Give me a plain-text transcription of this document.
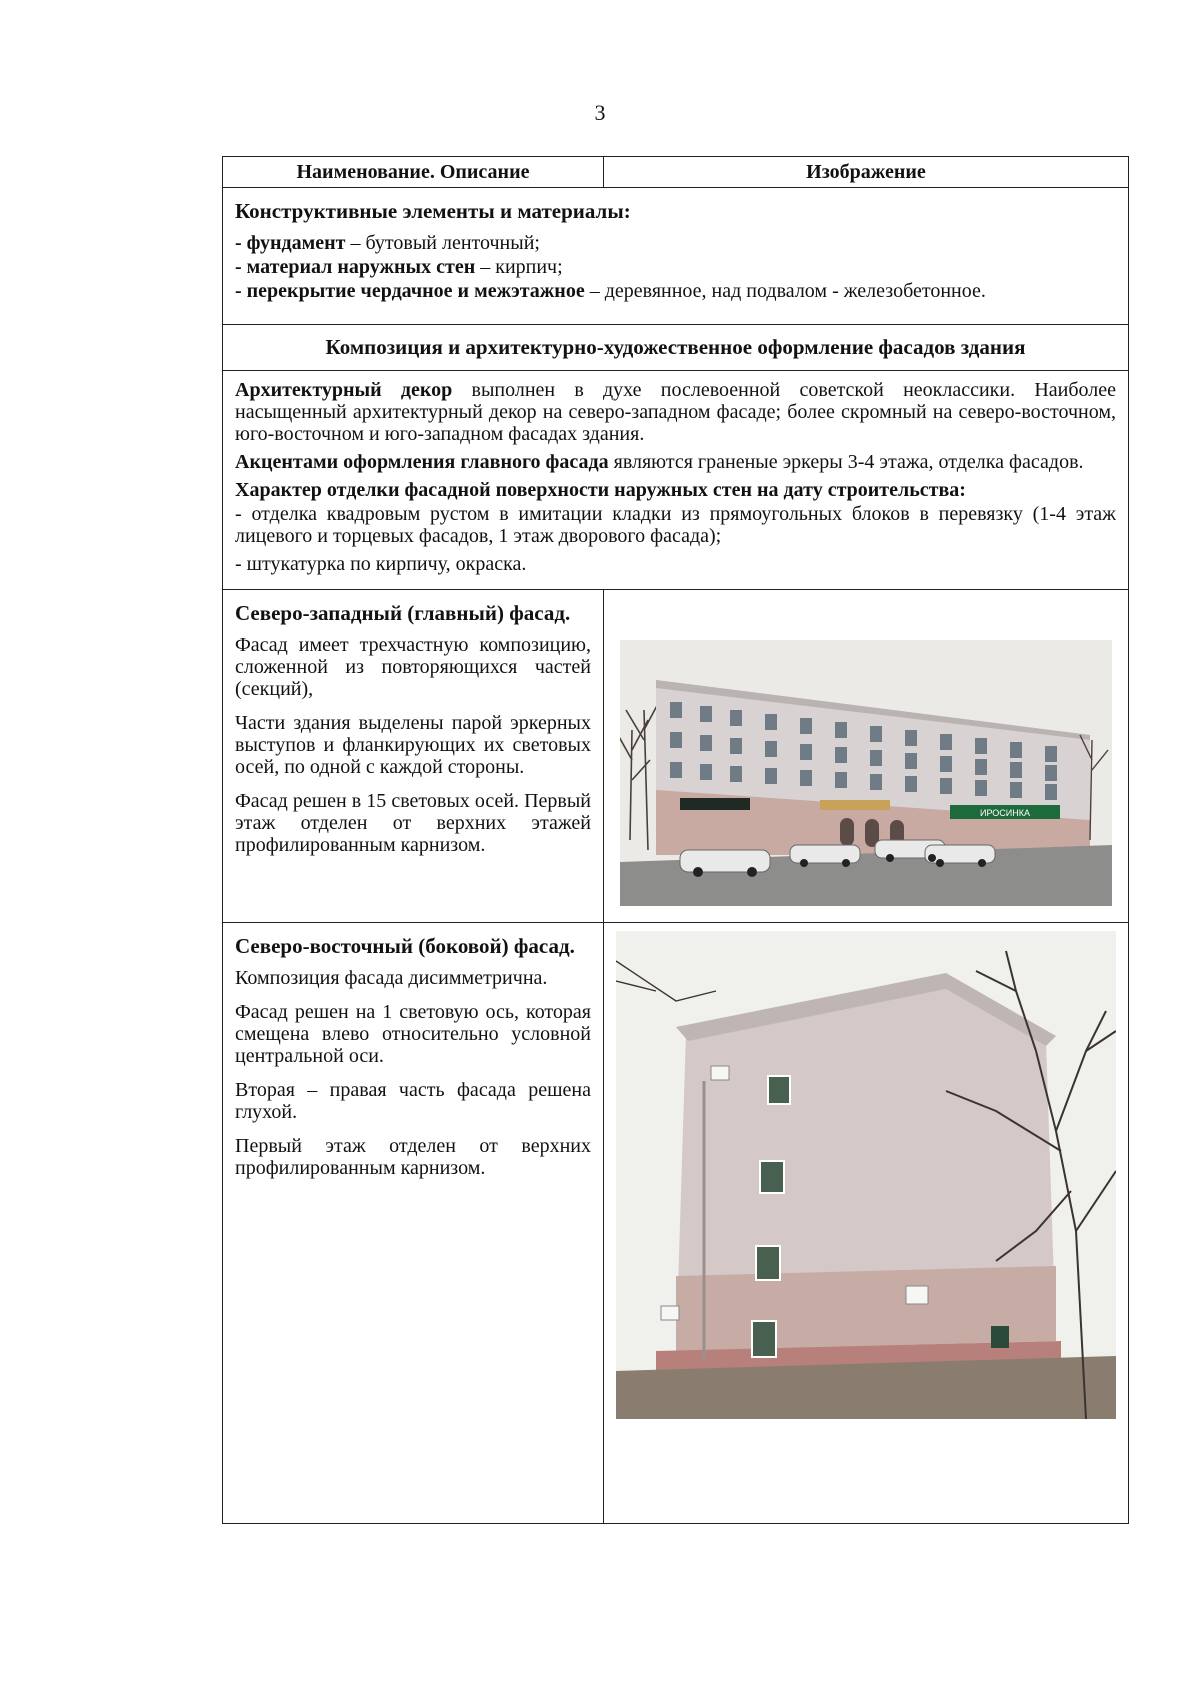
3
Наименование. Описание	Изображение

Конструктивные элементы и материалы:
- фундамент – бутовый ленточный;
- материал наружных стен – кирпич;
- перекрытие чердачное и межэтажное – деревянное, над подвалом - железобетонное.	

Композиция и архитектурно-художественное оформление фасадов здания	

Архитектурный декор выполнен в духе послевоенной советской неоклассики. Наиболее насыщенный архитектурный декор на северо-западном фасаде; более скромный на северо-восточном, юго-восточном и юго-западном фасадах здания.
Акцентами оформления главного фасада являются граненые эркеры 3-4 этажа, отделка фасадов.
Характер отделки фасадной поверхности наружных стен на дату строительства:
- отделка квадровым рустом в имитации кладки из прямоугольных блоков в перевязку (1-4 этаж лицевого и торцевых фасадов, 1 этаж дворового фасада);
- штукатурка по кирпичу, окраска.	

Северо-западный (главный) фасад.
Фасад имеет трехчастную композицию, сложенной из повторяющихся частей (секций),
Части здания выделены парой эркерных выступов и фланкирующих их световых осей, по одной с каждой стороны.
Фасад решен в 15 световых осей. Первый этаж отделен от верхних этажей профилированным карнизом.	ИРОСИНКА

Северо-восточный (боковой) фасад.
Композиция фасада дисимметрична.
Фасад решен на 1 световую ось, которая смещена влево относительно условной центральной оси.
Вторая – правая часть фасада решена глухой.
Первый этаж отделен от верхних профилированным карнизом.
